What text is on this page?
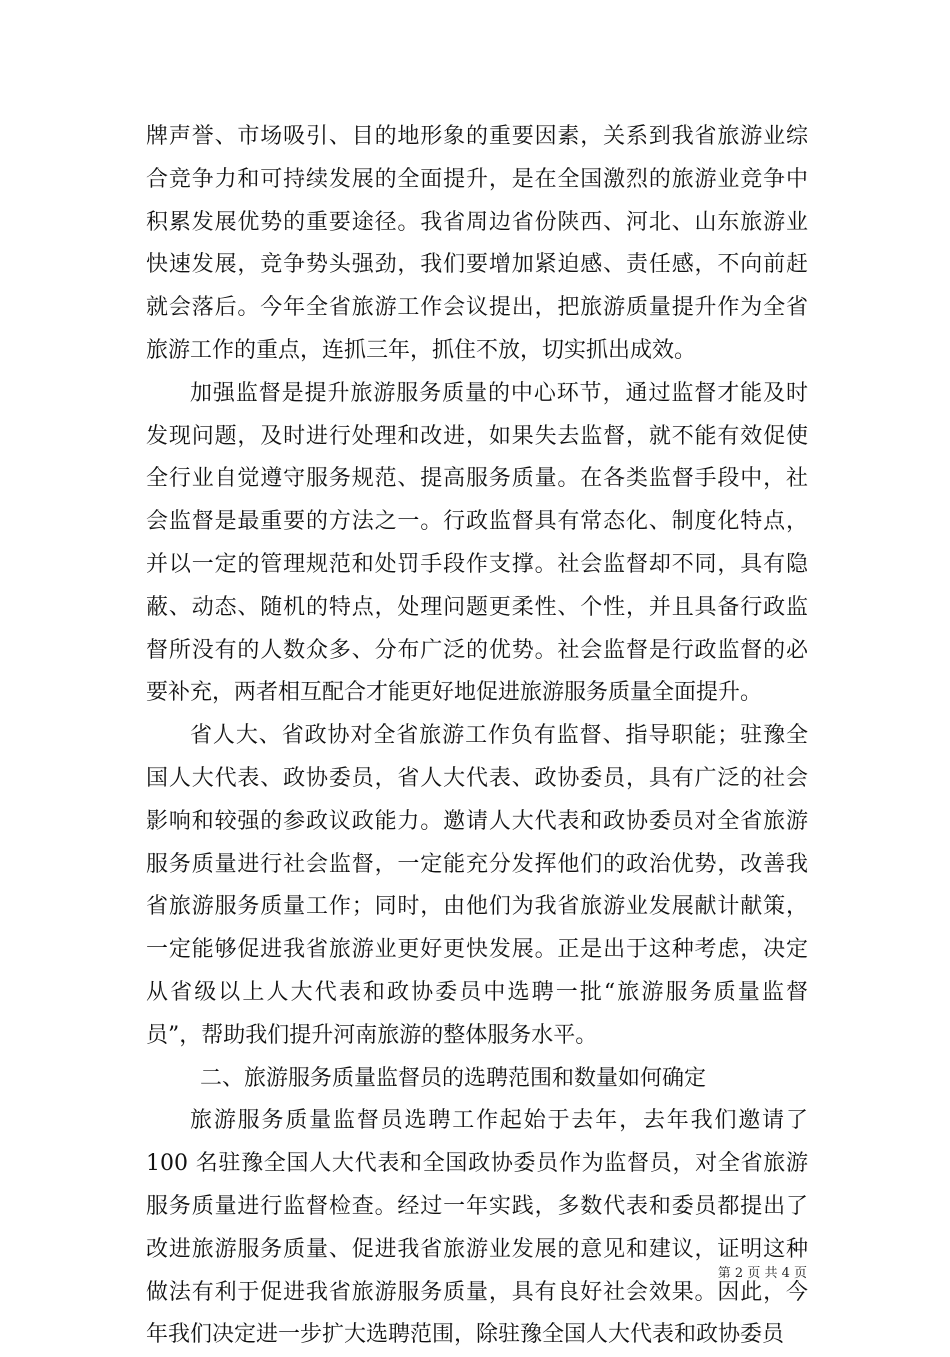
牌声誉、市场吸引、目的地形象的重要因素，关系到我省旅游业综
合竞争力和可持续发展的全面提升，是在全国激烈的旅游业竞争中
积累发展优势的重要途径。我省周边省份陕西、河北、山东旅游业
快速发展，竞争势头强劲，我们要增加紧迫感、责任感，不向前赶
就会落后。今年全省旅游工作会议提出，把旅游质量提升作为全省
旅游工作的重点，连抓三年，抓住不放，切实抓出成效。
加强监督是提升旅游服务质量的中心环节，通过监督才能及时
发现问题，及时进行处理和改进，如果失去监督，就不能有效促使
全行业自觉遵守服务规范、提高服务质量。在各类监督手段中，社
会监督是最重要的方法之一。行政监督具有常态化、制度化特点，
并以一定的管理规范和处罚手段作支撑。社会监督却不同，具有隐
蔽、动态、随机的特点，处理问题更柔性、个性，并且具备行政监
督所没有的人数众多、分布广泛的优势。社会监督是行政监督的必
要补充，两者相互配合才能更好地促进旅游服务质量全面提升。
省人大、省政协对全省旅游工作负有监督、指导职能；驻豫全
国人大代表、政协委员，省人大代表、政协委员，具有广泛的社会
影响和较强的参政议政能力。邀请人大代表和政协委员对全省旅游
服务质量进行社会监督，一定能充分发挥他们的政治优势，改善我
省旅游服务质量工作；同时，由他们为我省旅游业发展献计献策，
一定能够促进我省旅游业更好更快发展。正是出于这种考虑，决定
从省级以上人大代表和政协委员中选聘一批“旅游服务质量监督
员”，帮助我们提升河南旅游的整体服务水平。
二、旅游服务质量监督员的选聘范围和数量如何确定
旅游服务质量监督员选聘工作起始于去年，去年我们邀请了
100 名驻豫全国人大代表和全国政协委员作为监督员，对全省旅游
服务质量进行监督检查。经过一年实践，多数代表和委员都提出了
改进旅游服务质量、促进我省旅游业发展的意见和建议，证明这种
做法有利于促进我省旅游服务质量，具有良好社会效果。因此，今
年我们决定进一步扩大选聘范围，除驻豫全国人大代表和政协委员
第 2 页 共 4 页
